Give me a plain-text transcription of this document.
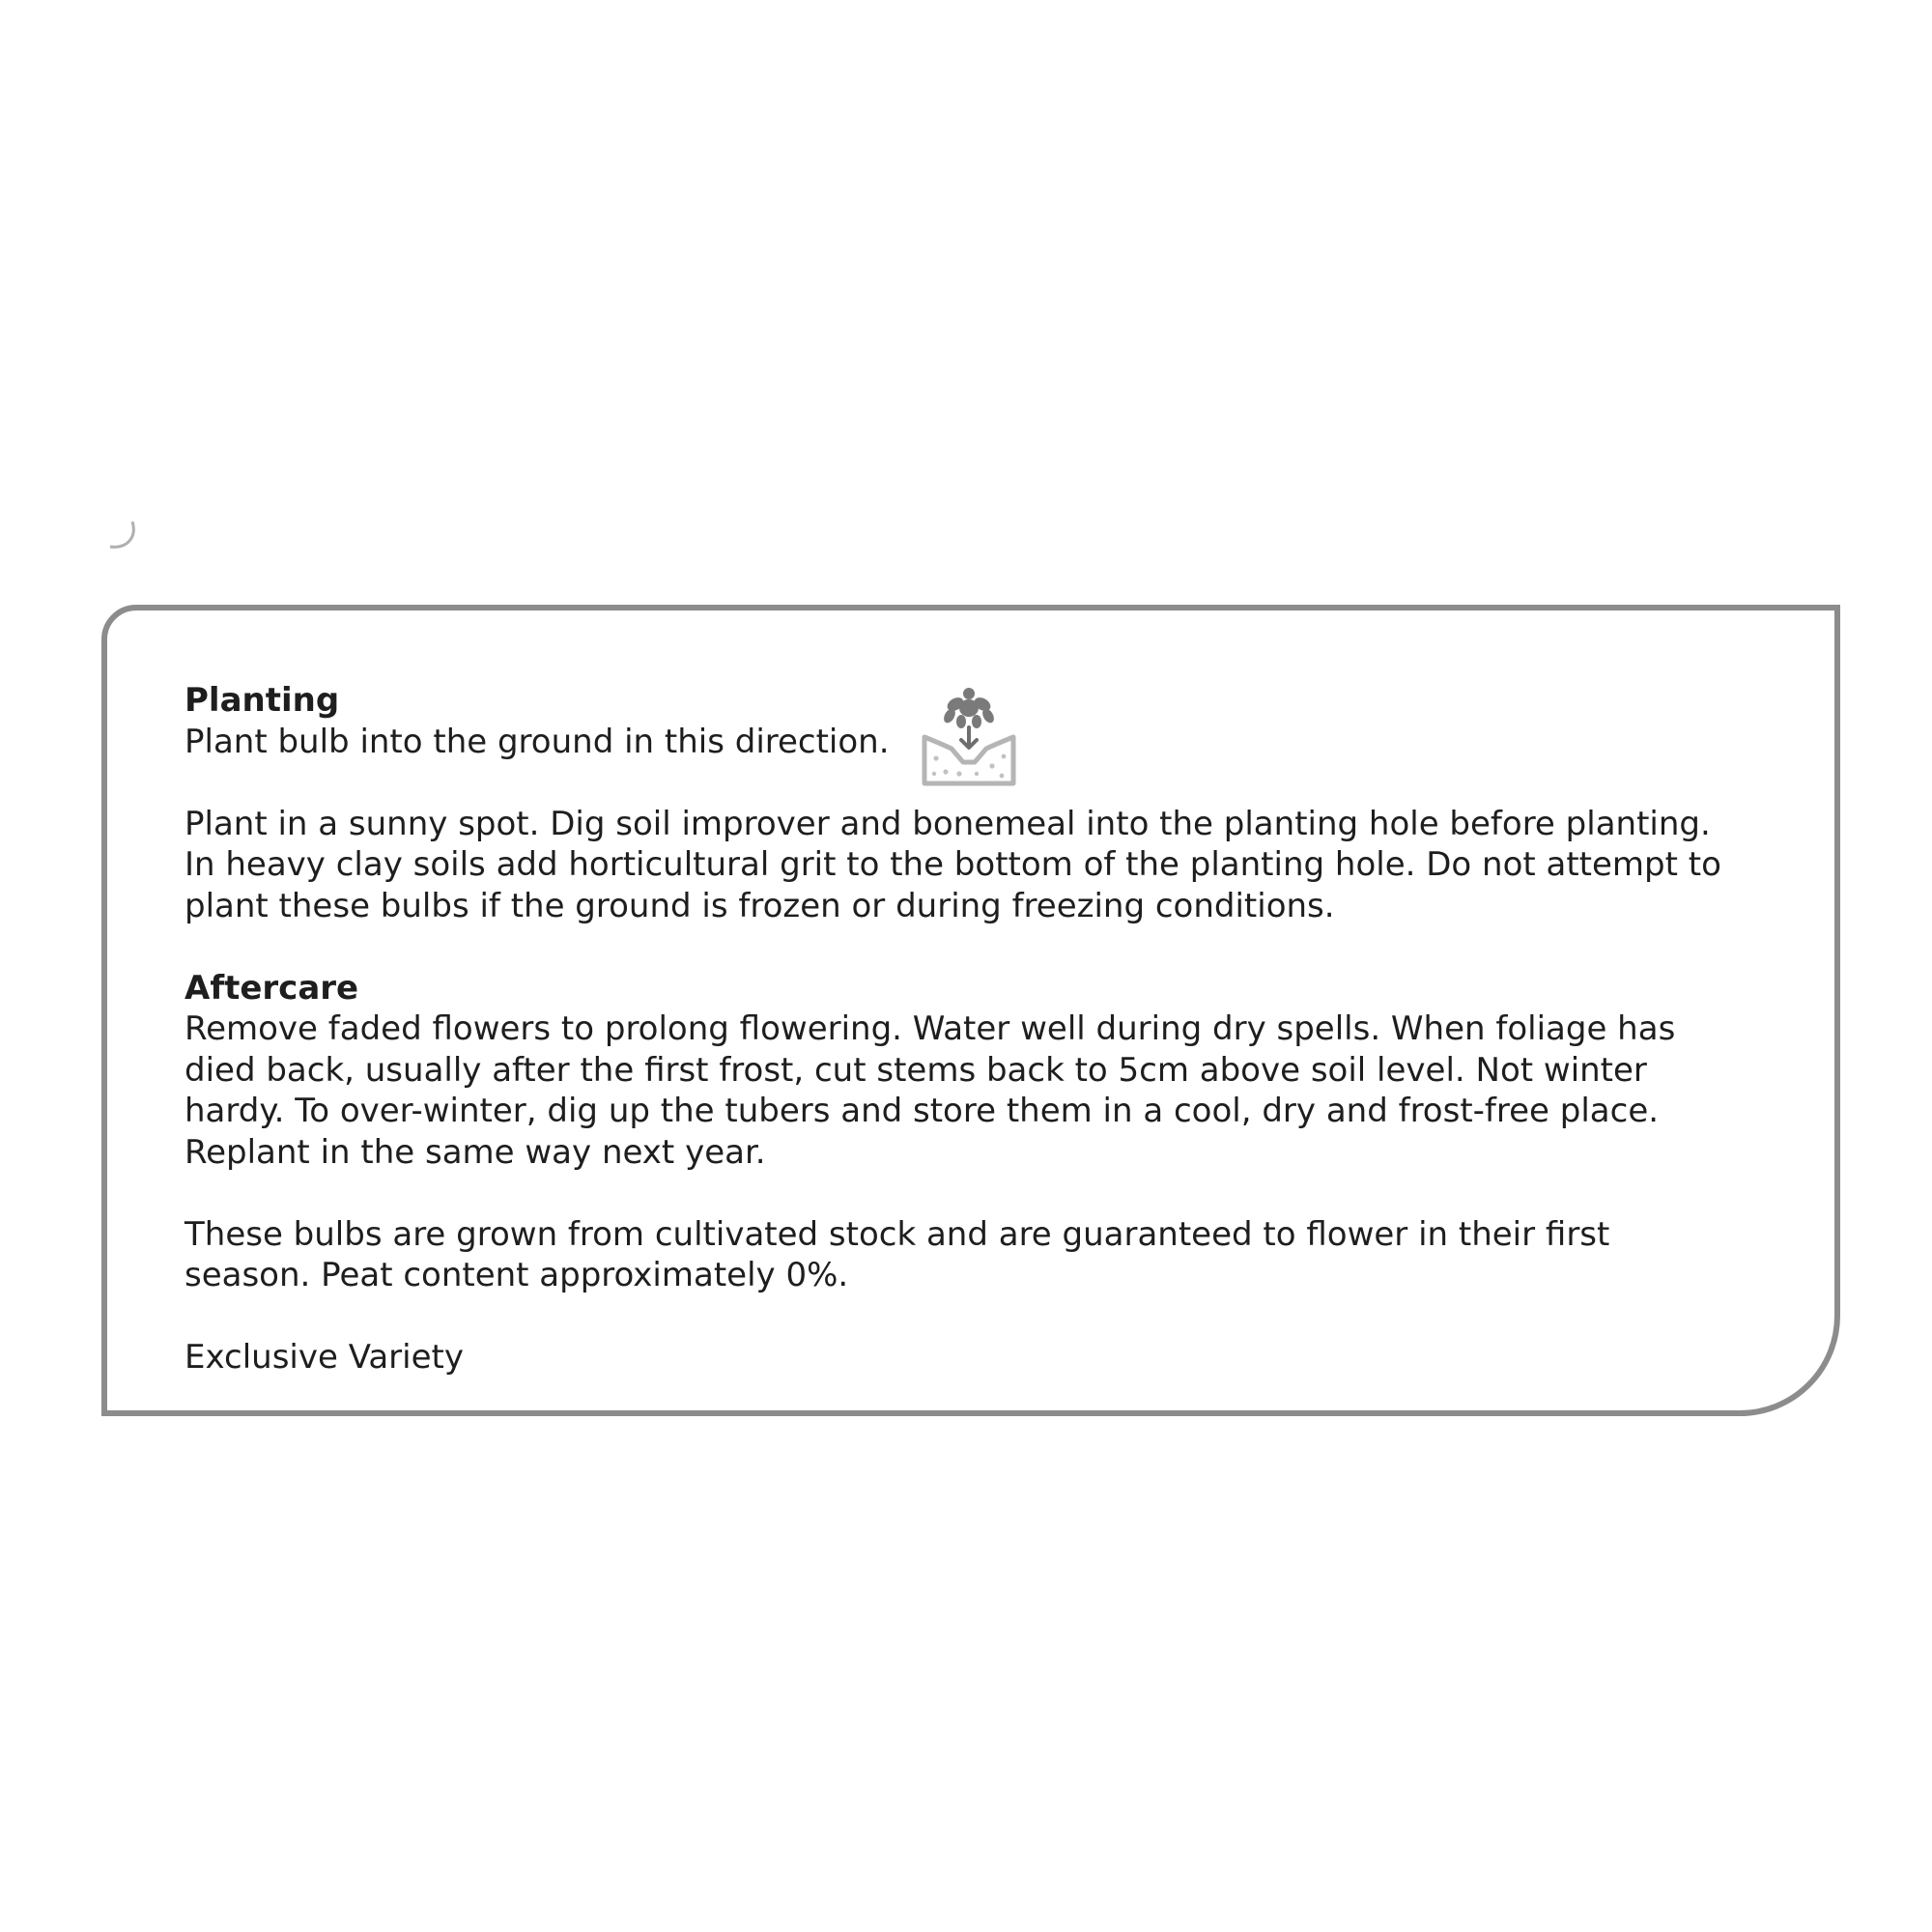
Planting

Plant bulb into the ground in this direction.

Plant in a sunny spot. Dig soil improver and bonemeal into the planting hole before planting.

In heavy clay soils add horticultural grit to the bottom of the planting hole. Do not attempt to

plant these bulbs if the ground is frozen or during freezing conditions.

Aftercare

Remove faded flowers to prolong flowering. Water well during dry spells. When foliage has

died back, usually after the first frost, cut stems back to 5cm above soil level. Not winter

hardy. To over-winter, dig up the tubers and store them in a cool, dry and frost-free place.

Replant in the same way next year.

These bulbs are grown from cultivated stock and are guaranteed to flower in their first

season. Peat content approximately 0%.

Exclusive Variety
